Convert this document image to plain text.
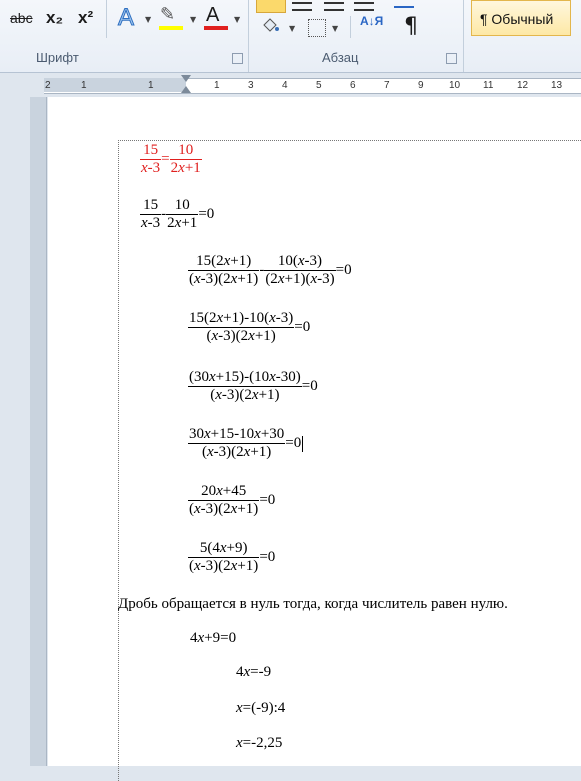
abc x₂ x² A ▼ ✎ ▼ A ▼
Шрифт
▼	▼
А↓Я ¶
Абзац
¶ Обычный
2	1	1	1	3	4	5	6	7	9	10 11 12 13
$\frac{15}{x-3} = \frac{10}{2x+1}$
$\frac{15}{x-3} - \frac{10}{2x+1} =0$
$\frac{15(2x+1)}{(x-3)(2x+1)} - \frac{10(x-3)}{(2x+1)(x-3)} =0$
$\frac{15(2x+1)-10(x-3)}{(x-3)(2x+1)} =0$
$\frac{(30x+15)-(10x-30)}{(x-3)(2x+1)} =0$
$\frac{30x+15-10x+30}{(x-3)(2x+1)} =0$
$\frac{20x+45}{(x-3)(2x+1)} =0$
$\frac{5(4x+9)}{(x-3)(2x+1)} =0$
Дробь обращается в нуль тогда, когда числитель равен нулю.
4x+9=0
4x=-9
x=(-9):4
x=-2,25
